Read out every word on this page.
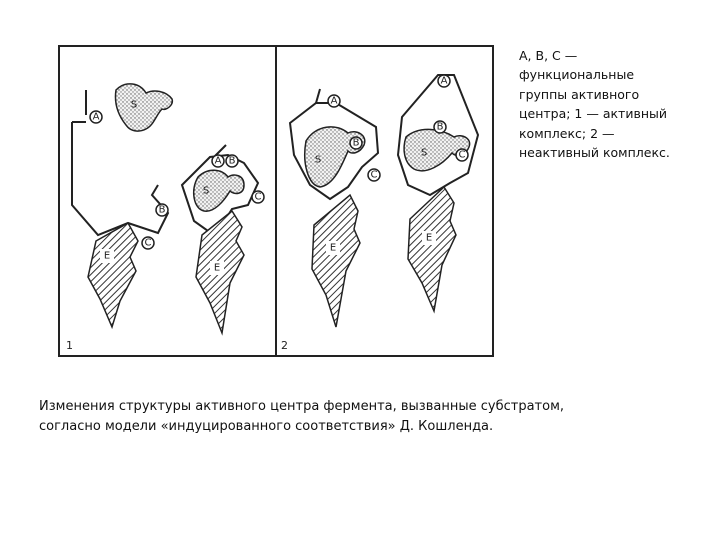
S
A
B
C
E
S
A B
C
E
1
A
S
B
C
E
A
S
B
C
E
2
А, В, С —
функциональные
группы активного
центра; 1 — активный
комплекс; 2 —
неактивный комплекс.
Изменения структуры активного центра фермента, вызванные субстратом,
согласно модели «индуцированного соответствия» Д. Кошленда.
